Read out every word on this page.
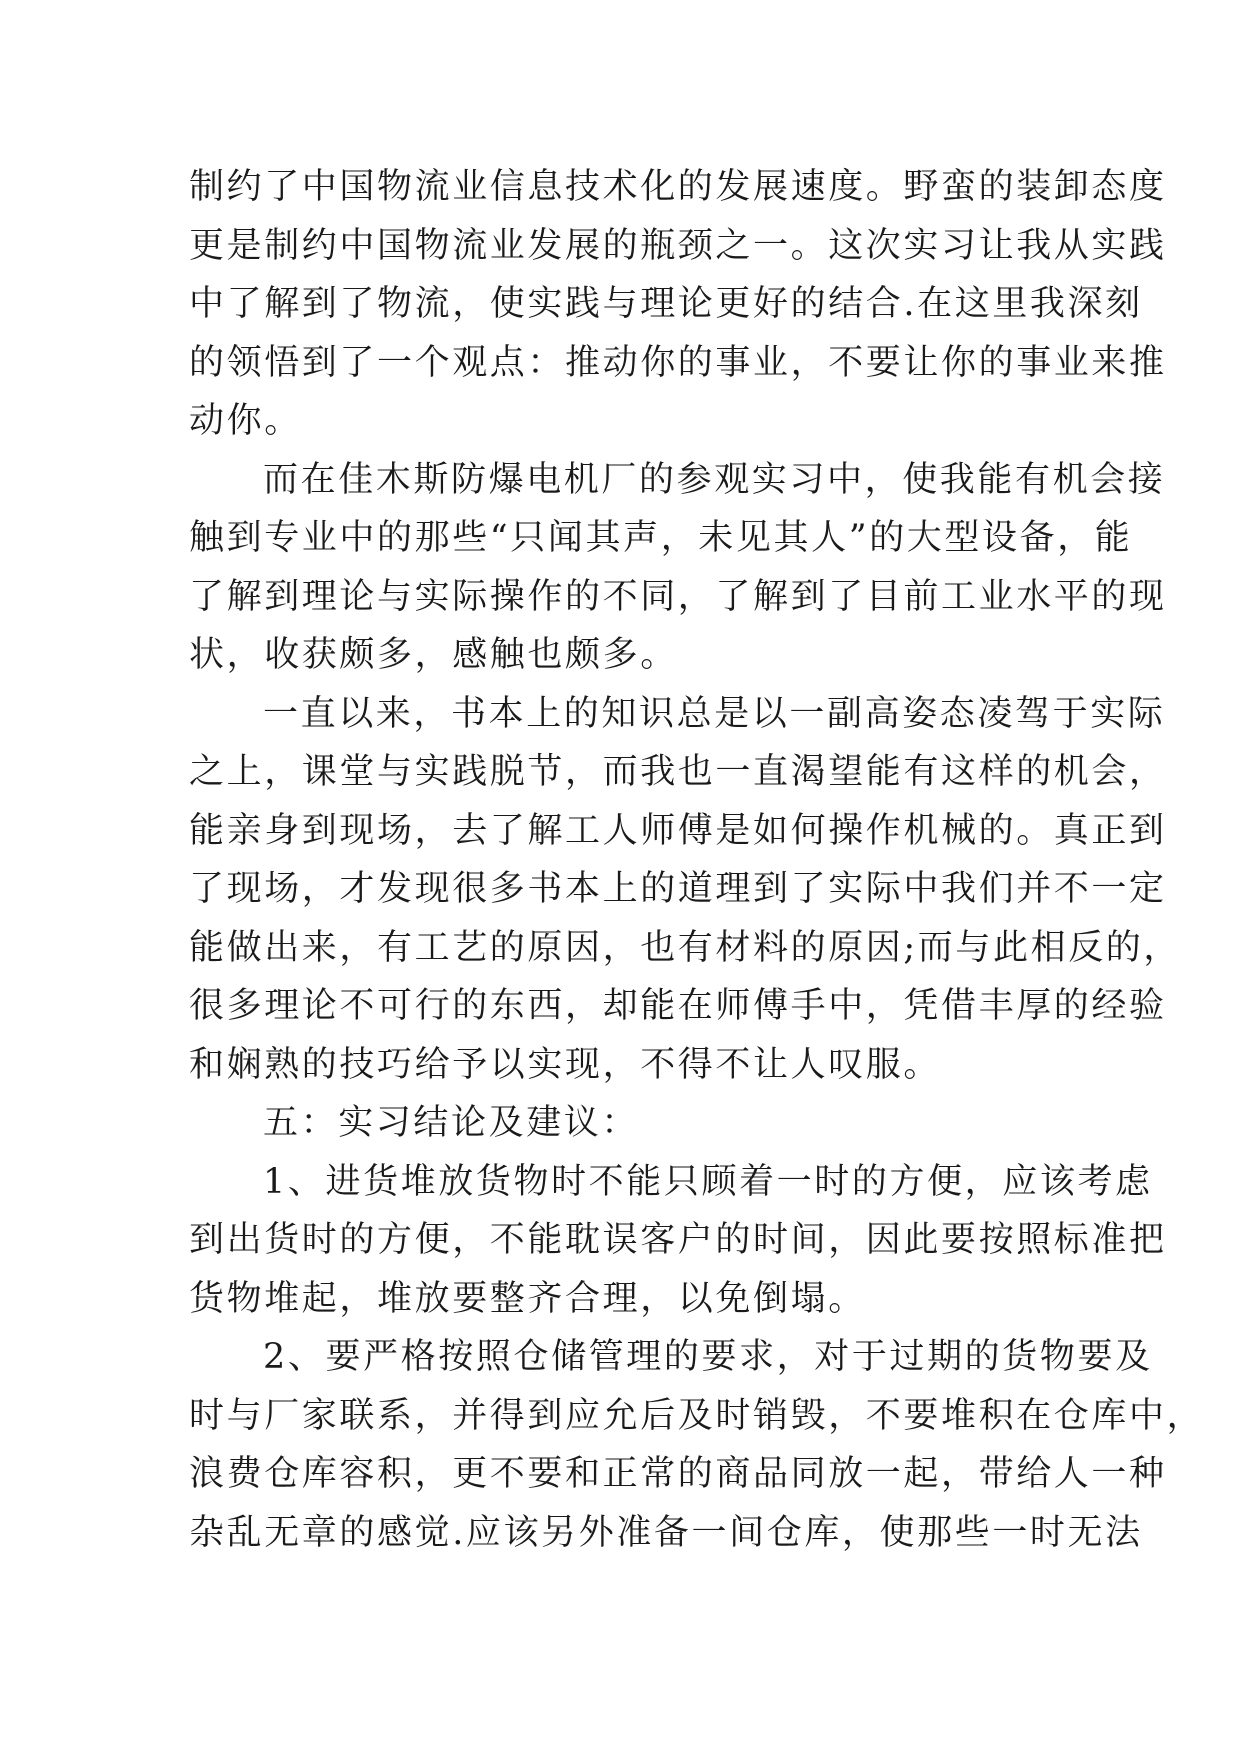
制约了中国物流业信息技术化的发展速度。野蛮的装卸态度
更是制约中国物流业发展的瓶颈之一。这次实习让我从实践
中了解到了物流，使实践与理论更好的结合.在这里我深刻
的领悟到了一个观点：推动你的事业，不要让你的事业来推
动你。
而在佳木斯防爆电机厂的参观实习中，使我能有机会接
触到专业中的那些“只闻其声，未见其人”的大型设备，能
了解到理论与实际操作的不同，了解到了目前工业水平的现
状，收获颇多，感触也颇多。
一直以来，书本上的知识总是以一副高姿态凌驾于实际
之上，课堂与实践脱节，而我也一直渴望能有这样的机会，
能亲身到现场，去了解工人师傅是如何操作机械的。真正到
了现场，才发现很多书本上的道理到了实际中我们并不一定
能做出来，有工艺的原因，也有材料的原因;而与此相反的，
很多理论不可行的东西，却能在师傅手中，凭借丰厚的经验
和娴熟的技巧给予以实现，不得不让人叹服。
五：实习结论及建议：
1、进货堆放货物时不能只顾着一时的方便，应该考虑
到出货时的方便，不能耽误客户的时间，因此要按照标准把
货物堆起，堆放要整齐合理，以免倒塌。
2、要严格按照仓储管理的要求，对于过期的货物要及
时与厂家联系，并得到应允后及时销毁，不要堆积在仓库中，
浪费仓库容积，更不要和正常的商品同放一起，带给人一种
杂乱无章的感觉.应该另外准备一间仓库，使那些一时无法
